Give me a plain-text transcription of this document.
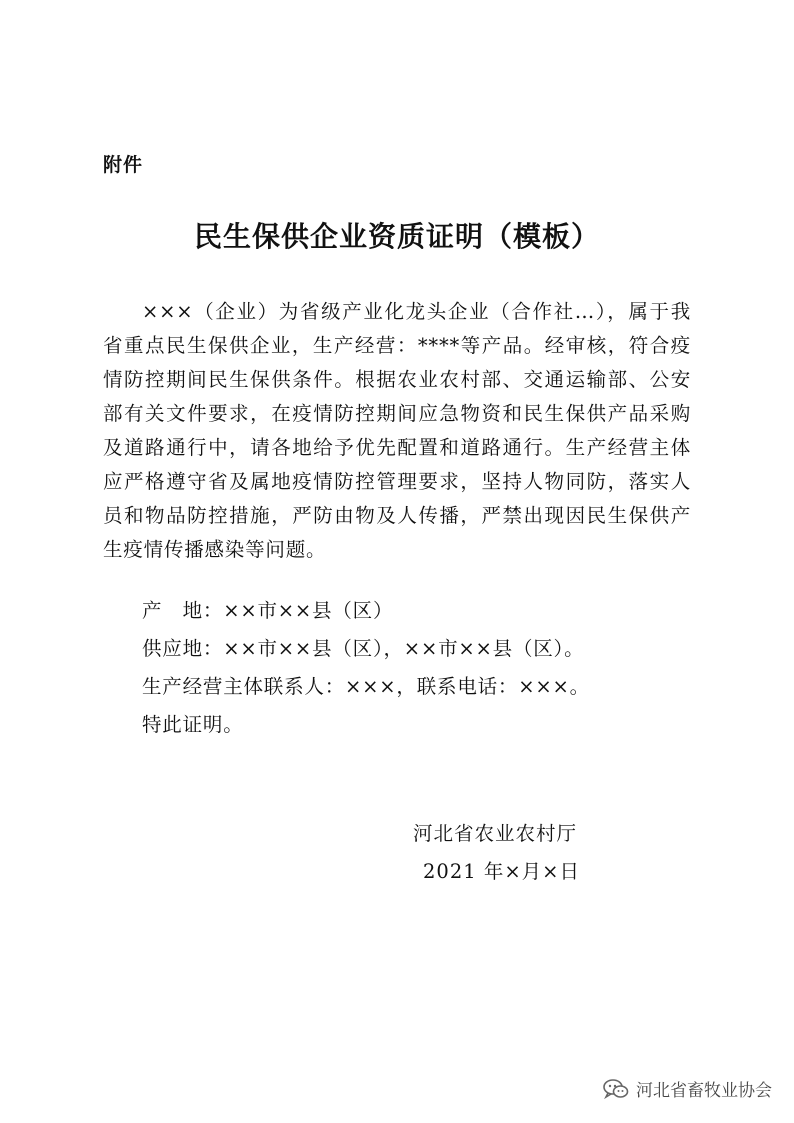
附件
民生保供企业资质证明（模板）

×××（企业）为省级产业化龙头企业（合作社…），属于我省重点民生保供企业，生产经营：****等产品。经审核，符合疫情防控期间民生保供条件。根据农业农村部、交通运输部、公安部有关文件要求，在疫情防控期间应急物资和民生保供产品采购及道路通行中，请各地给予优先配置和道路通行。生产经营主体应严格遵守省及属地疫情防控管理要求，坚持人物同防，落实人员和物品防控措施，严防由物及人传播，严禁出现因民生保供产生疫情传播感染等问题。

产　地：××市××县（区）
供应地：××市××县（区），××市××县（区）。
生产经营主体联系人：×××，联系电话：×××。
特此证明。
河北省农业农村厅
2021 年×月×日
河北省畜牧业协会
